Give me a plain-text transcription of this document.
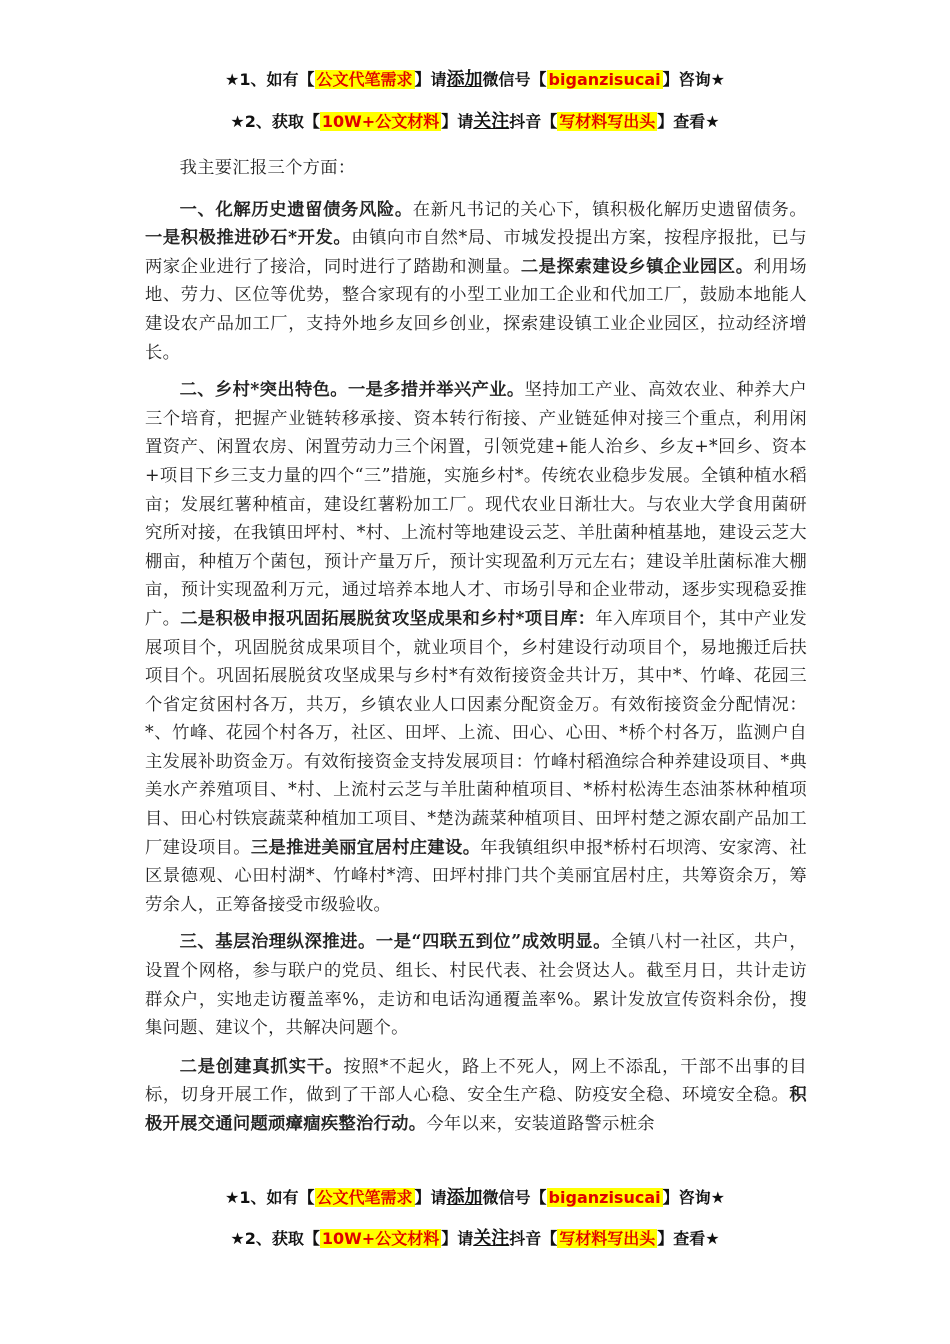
★1、如有【 公文代笔需求 】请添加微信号【 biganzisucai 】咨询★
★2、获取【 10W+公文材料 】请关注抖音【 写材料写出头 】查看★

我主要汇报三个方面：

一、化解历史遗留债务风险。在新凡书记的关心下，镇积极化解历史遗留债务。一是积极推进砂石*开发。由镇向市自然*局、市城发投提出方案，按程序报批，已与两家企业进行了接洽，同时进行了踏勘和测量。二是探索建设乡镇企业园区。利用场地、劳力、区位等优势，整合家现有的小型工业加工企业和代加工厂，鼓励本地能人建设农产品加工厂，支持外地乡友回乡创业，探索建设镇工业企业园区，拉动经济增长。

二、乡村*突出特色。一是多措并举兴产业。坚持加工产业、高效农业、种养大户三个培育，把握产业链转移承接、资本转行衔接、产业链延伸对接三个重点，利用闲置资产、闲置农房、闲置劳动力三个闲置，引领党建+能人治乡、乡友+*回乡、资本+项目下乡三支力量的四个“三”措施，实施乡村*。传统农业稳步发展。全镇种植水稻亩；发展红薯种植亩，建设红薯粉加工厂。现代农业日渐壮大。与农业大学食用菌研究所对接，在我镇田坪村、*村、上流村等地建设云芝、羊肚菌种植基地，建设云芝大棚亩，种植万个菌包，预计产量万斤，预计实现盈利万元左右；建设羊肚菌标准大棚亩，预计实现盈利万元，通过培养本地人才、市场引导和企业带动，逐步实现稳妥推广。二是积极申报巩固拓展脱贫攻坚成果和乡村*项目库：年入库项目个，其中产业发展项目个，巩固脱贫成果项目个，就业项目个，乡村建设行动项目个，易地搬迁后扶项目个。巩固拓展脱贫攻坚成果与乡村*有效衔接资金共计万，其中*、竹峰、花园三个省定贫困村各万，共万，乡镇农业人口因素分配资金万。有效衔接资金分配情况：*、竹峰、花园个村各万，社区、田坪、上流、田心、心田、*桥个村各万，监测户自主发展补助资金万。有效衔接资金支持发展项目：竹峰村稻渔综合种养建设项目、*典美水产养殖项目、*村、上流村云芝与羊肚菌种植项目、*桥村松涛生态油茶林种植项目、田心村铁宸蔬菜种植加工项目、*楚沩蔬菜种植项目、田坪村楚之源农副产品加工厂建设项目。三是推进美丽宜居村庄建设。年我镇组织申报*桥村石坝湾、安家湾、社区景德观、心田村湖*、竹峰村*湾、田坪村排门共个美丽宜居村庄，共筹资余万，筹劳余人，正筹备接受市级验收。

三、基层治理纵深推进。一是“四联五到位”成效明显。全镇八村一社区，共户，设置个网格，参与联户的党员、组长、村民代表、社会贤达人。截至月日，共计走访群众户，实地走访覆盖率%，走访和电话沟通覆盖率%。累计发放宣传资料余份，搜集问题、建议个，共解决问题个。

二是创建真抓实干。按照*不起火，路上不死人，网上不添乱，干部不出事的目标，切身开展工作，做到了干部人心稳、安全生产稳、防疫安全稳、环境安全稳。积极开展交通问题顽瘴痼疾整治行动。今年以来，安装道路警示桩余

★1、如有【 公文代笔需求 】请添加微信号【 biganzisucai 】咨询★
★2、获取【 10W+公文材料 】请关注抖音【 写材料写出头 】查看★
